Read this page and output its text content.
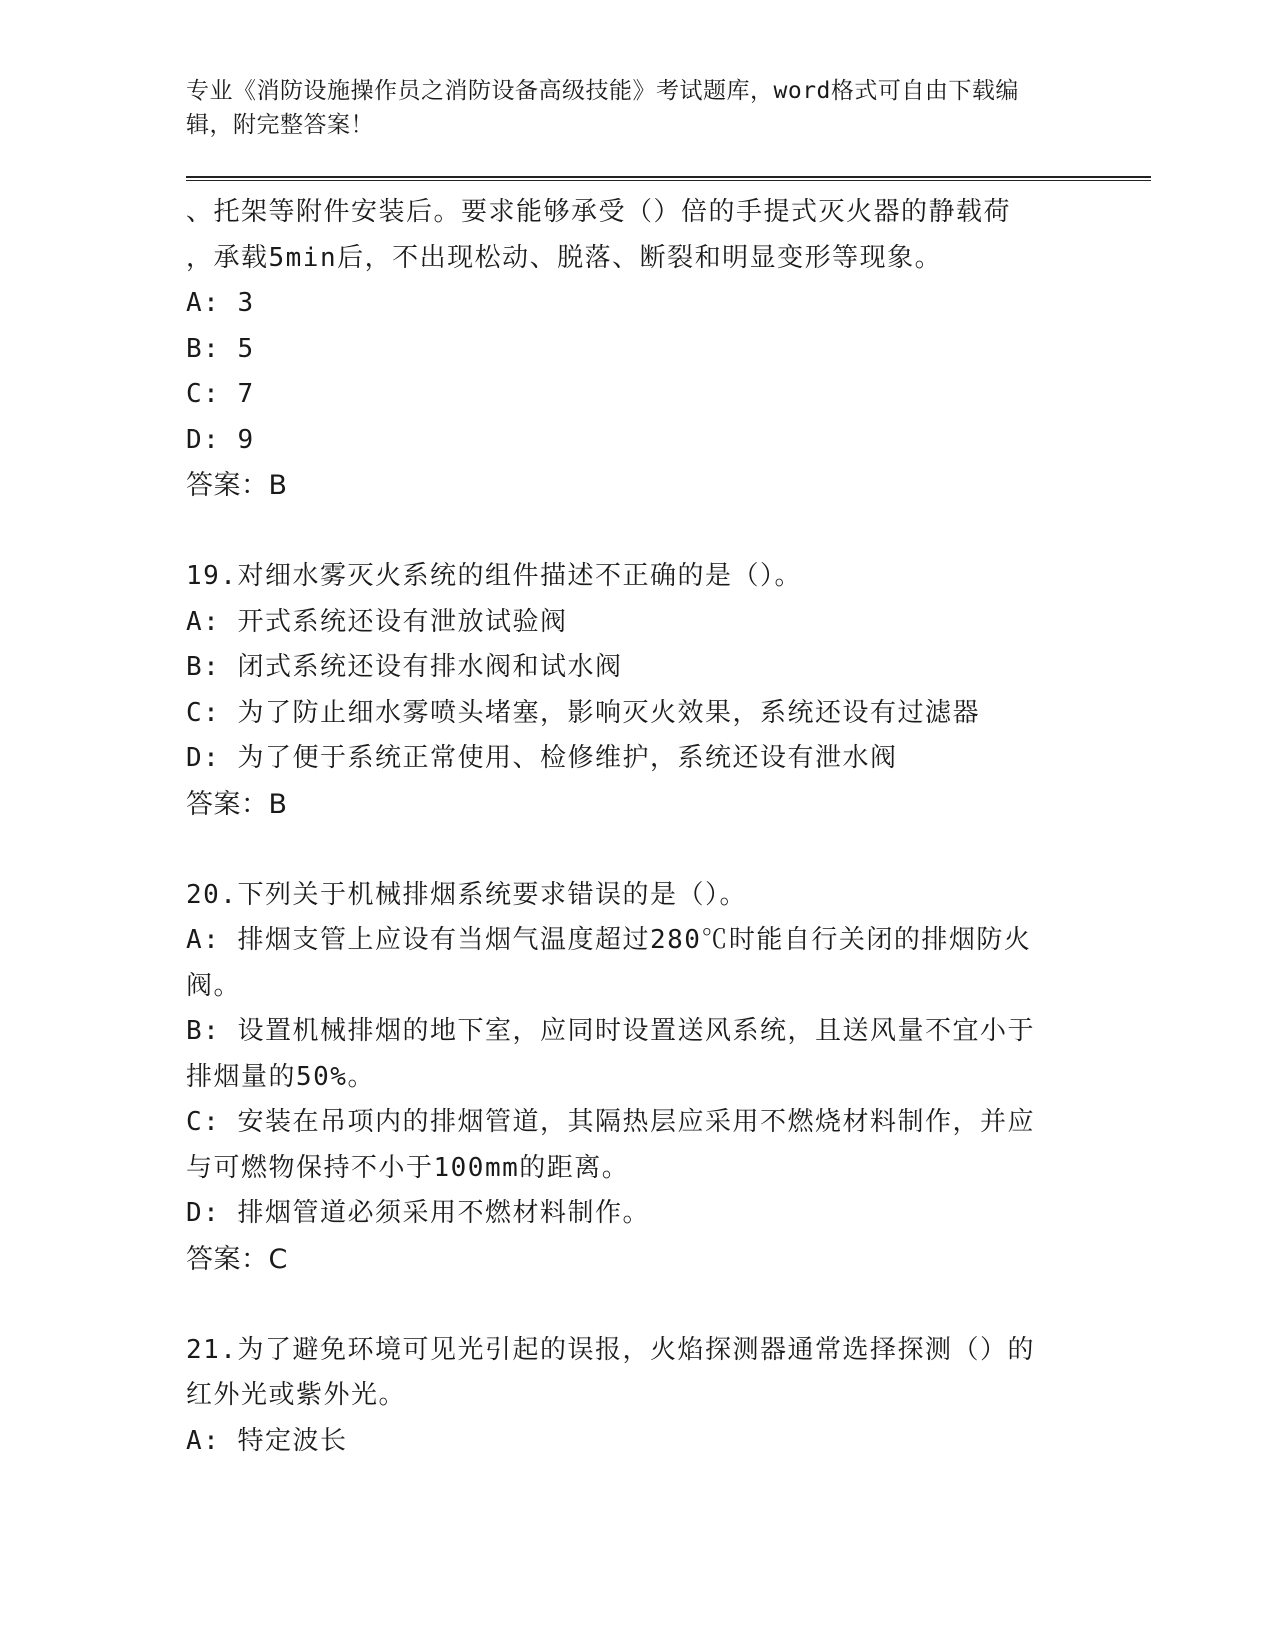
专业《消防设施操作员之消防设备高级技能》考试题库，word格式可自由下载编
辑，附完整答案！
、托架等附件安装后。要求能够承受（）倍的手提式灭火器的静载荷
，承载5min后，不出现松动、脱落、断裂和明显变形等现象。
A: 3
B: 5
C: 7
D: 9
答案：B
19.对细水雾灭火系统的组件描述不正确的是（）。
A: 开式系统还设有泄放试验阀
B: 闭式系统还设有排水阀和试水阀
C: 为了防止细水雾喷头堵塞，影响灭火效果，系统还设有过滤器
D: 为了便于系统正常使用、检修维护，系统还设有泄水阀
答案：B
20.下列关于机械排烟系统要求错误的是（）。
A: 排烟支管上应设有当烟气温度超过280℃时能自行关闭的排烟防火
阀。
B: 设置机械排烟的地下室，应同时设置送风系统，且送风量不宜小于
排烟量的50%。
C: 安装在吊项内的排烟管道，其隔热层应采用不燃烧材料制作，并应
与可燃物保持不小于100mm的距离。
D: 排烟管道必须采用不燃材料制作。
答案：C
21.为了避免环境可见光引起的误报，火焰探测器通常选择探测（）的
红外光或紫外光。
A: 特定波长
